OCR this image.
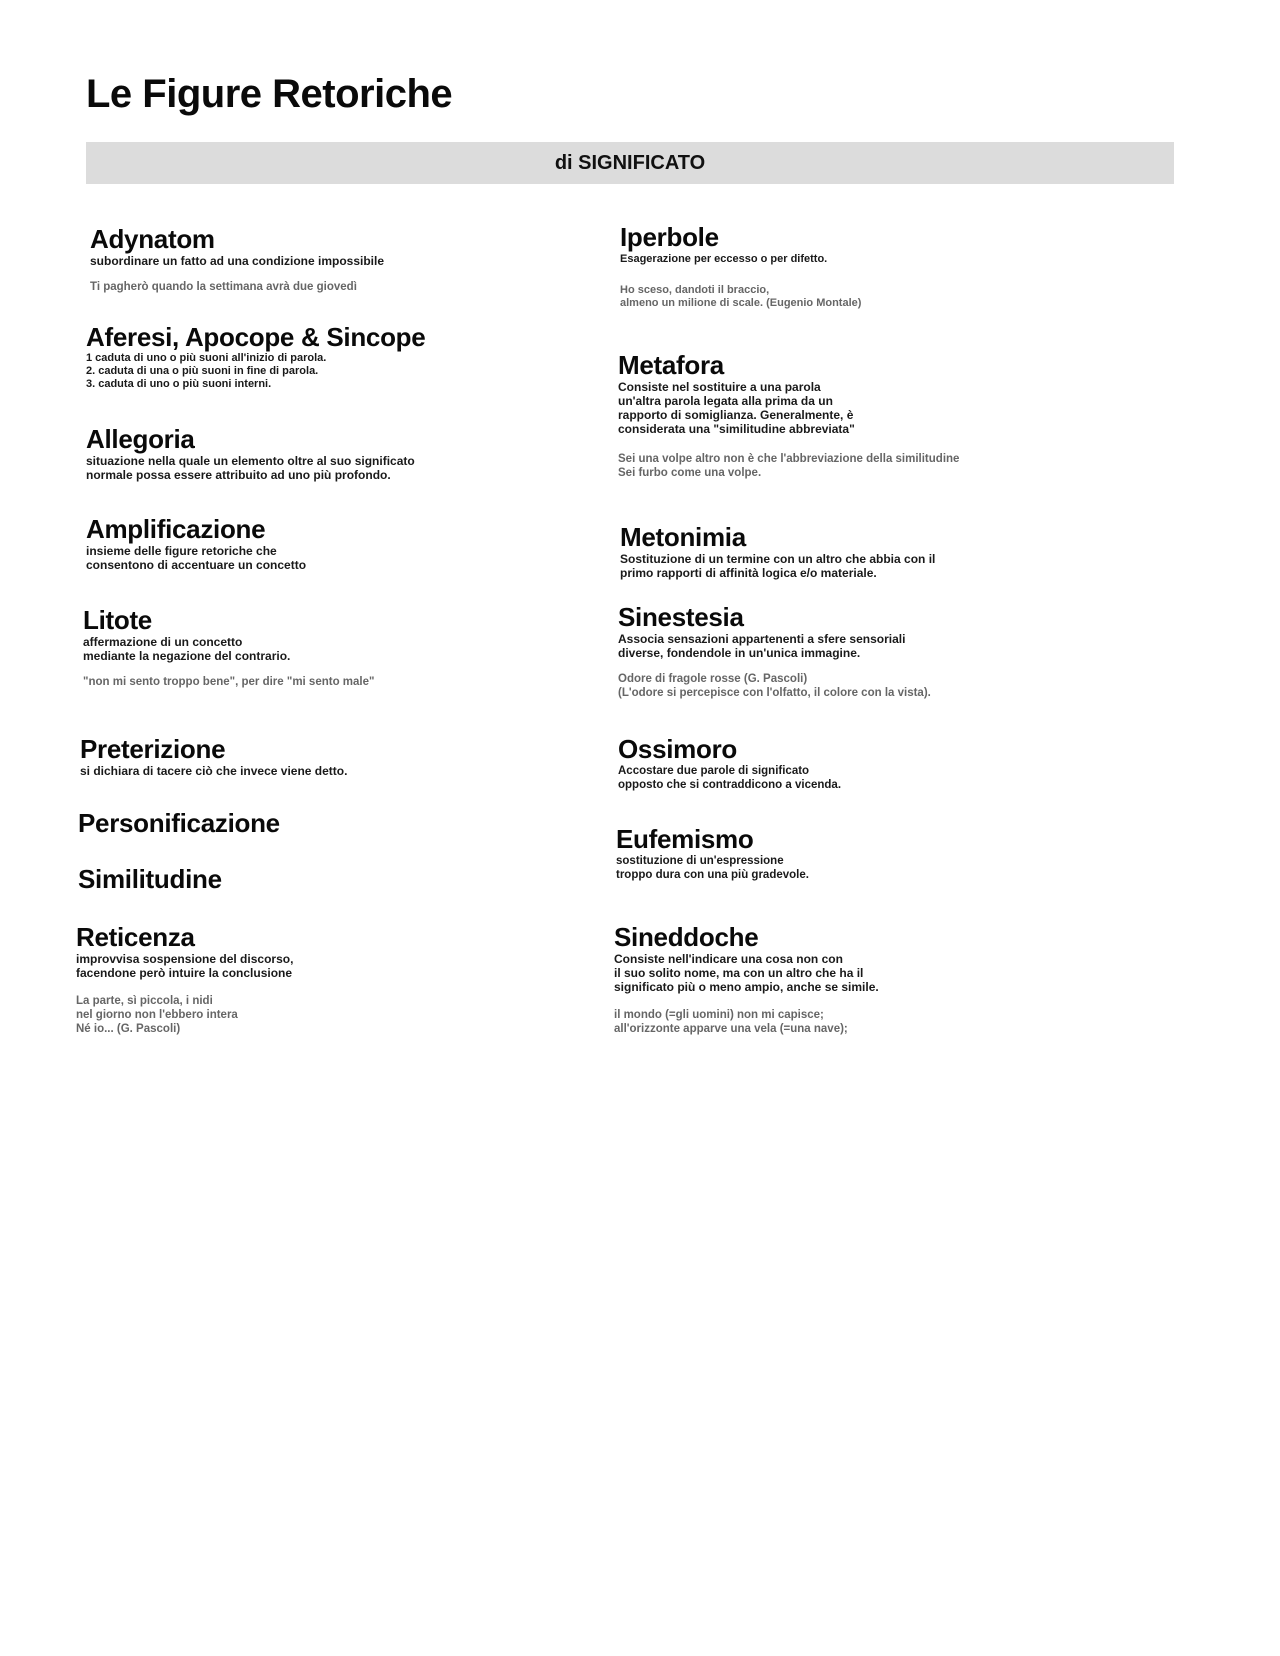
Le Figure Retoriche
di SIGNIFICATO
Adynatom
subordinare un fatto ad una condizione impossibile
Ti pagherò quando la settimana avrà due giovedì
Aferesi, Apocope & Sincope
1 caduta di uno o più suoni all'inizio di parola.
2. caduta di una o più suoni in fine di parola.
3. caduta di uno o più suoni interni.
Allegoria
situazione nella quale un elemento oltre al suo significato
normale possa essere attribuito ad uno più profondo.
Amplificazione
insieme delle figure retoriche che
consentono di accentuare un concetto
Litote
affermazione di un concetto
mediante la negazione del contrario.
"non mi sento troppo bene", per dire "mi sento male"
Preterizione
si dichiara di tacere ciò che invece viene detto.
Personificazione
Similitudine
Reticenza
improvvisa sospensione del discorso,
facendone però intuire la conclusione
La parte, sì piccola, i nidi
nel giorno non l'ebbero intera
Né io... (G. Pascoli)
Iperbole
Esagerazione per eccesso o per difetto.
Ho sceso, dandoti il braccio,
almeno un milione di scale. (Eugenio Montale)
Metafora
Consiste nel sostituire a una parola
un'altra parola legata alla prima da un
rapporto di somiglianza. Generalmente, è
considerata una "similitudine abbreviata"
Sei una volpe altro non è che l'abbreviazione della similitudine
Sei furbo come una volpe.
Metonimia
Sostituzione di un termine con un altro che abbia con il
primo rapporti di affinità logica e/o materiale.
Sinestesia
Associa sensazioni appartenenti a sfere sensoriali
diverse, fondendole in un'unica immagine.
Odore di fragole rosse (G. Pascoli)
(L'odore si percepisce con l'olfatto, il colore con la vista).
Ossimoro
Accostare due parole di significato
opposto che si contraddicono a vicenda.
Eufemismo
sostituzione di un'espressione
troppo dura con una più gradevole.
Sineddoche
Consiste nell'indicare una cosa non con
il suo solito nome, ma con un altro che ha il
significato più o meno ampio, anche se simile.
il mondo (=gli uomini) non mi capisce;
all'orizzonte apparve una vela (=una nave);
